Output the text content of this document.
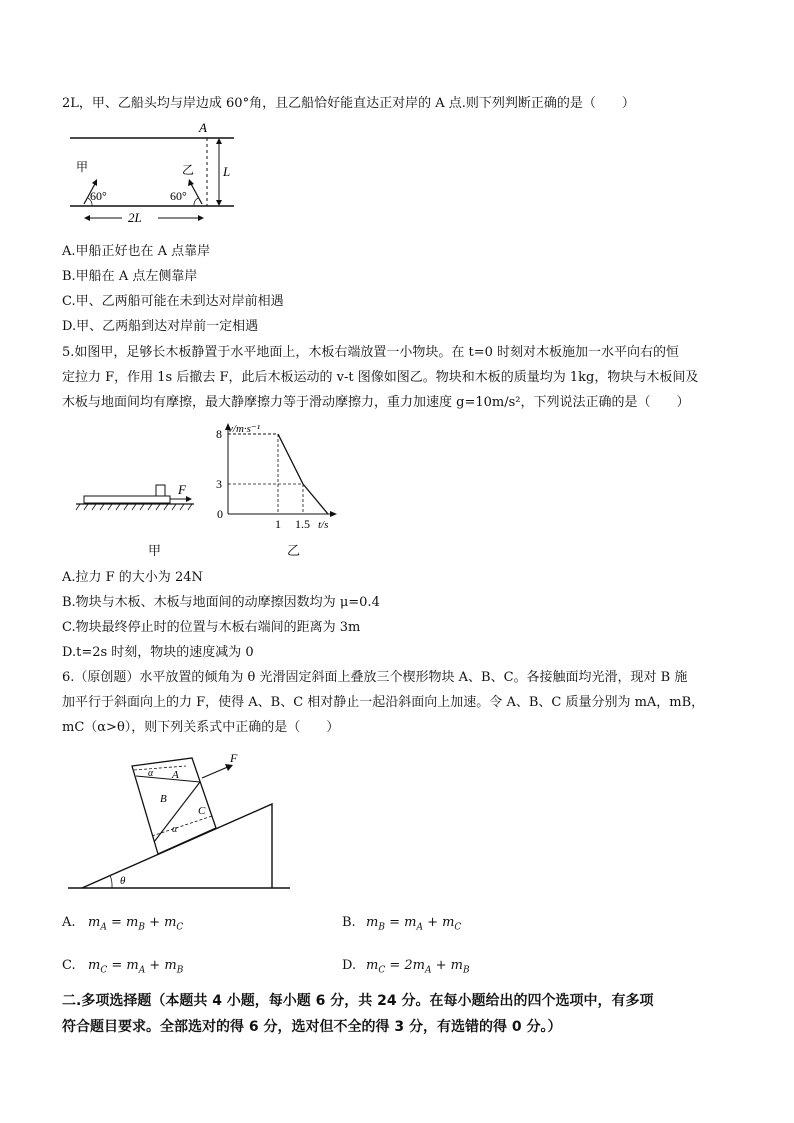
2L，甲、乙船头均与岸边成 60°角，且乙船恰好能直达正对岸的 A 点.则下列判断正确的是（　　）
A
L
甲
60°
乙
60°
2L
A.甲船正好也在 A 点靠岸
B.甲船在 A 点左侧靠岸
C.甲、乙两船可能在未到达对岸前相遇
D.甲、乙两船到达对岸前一定相遇
5.如图甲，足够长木板静置于水平地面上，木板右端放置一小物块。在 t=0 时刻对木板施加一水平向右的恒
定拉力 F，作用 1s 后撤去 F，此后木板运动的 v-t 图像如图乙。物块和木板的质量均为 1kg，物块与木板间及
木板与地面间均有摩擦，最大静摩擦力等于滑动摩擦力，重力加速度 g=10m/s²，下列说法正确的是（　　）
F
甲
v/m·s⁻¹
t/s
0
8
3
1 1.5
乙
A.拉力 F 的大小为 24N
B.物块与木板、木板与地面间的动摩擦因数均为 μ=0.4
C.物块最终停止时的位置与木板右端间的距离为 3m
D.t=2s 时刻，物块的速度减为 0
6.（原创题）水平放置的倾角为 θ 光滑固定斜面上叠放三个楔形物块 A、B、C。各接触面均光滑，现对 B 施
加平行于斜面向上的力 F，使得 A、B、C 相对静止一起沿斜面向上加速。令 A、B、C 质量分别为 mA，mB，
mC（α>θ），则下列关系式中正确的是（　　）
θ
A
B
C
α
α
F
A. $m_A = m_B + m_C$	B. $m_B = m_A + m_C$
C. $m_C = m_A + m_B$	D. $m_C = 2m_A + m_B$
二.多项选择题（本题共 4 小题，每小题 6 分，共 24 分。在每小题给出的四个选项中，有多项
符合题目要求。全部选对的得 6 分，选对但不全的得 3 分，有选错的得 0 分。）
